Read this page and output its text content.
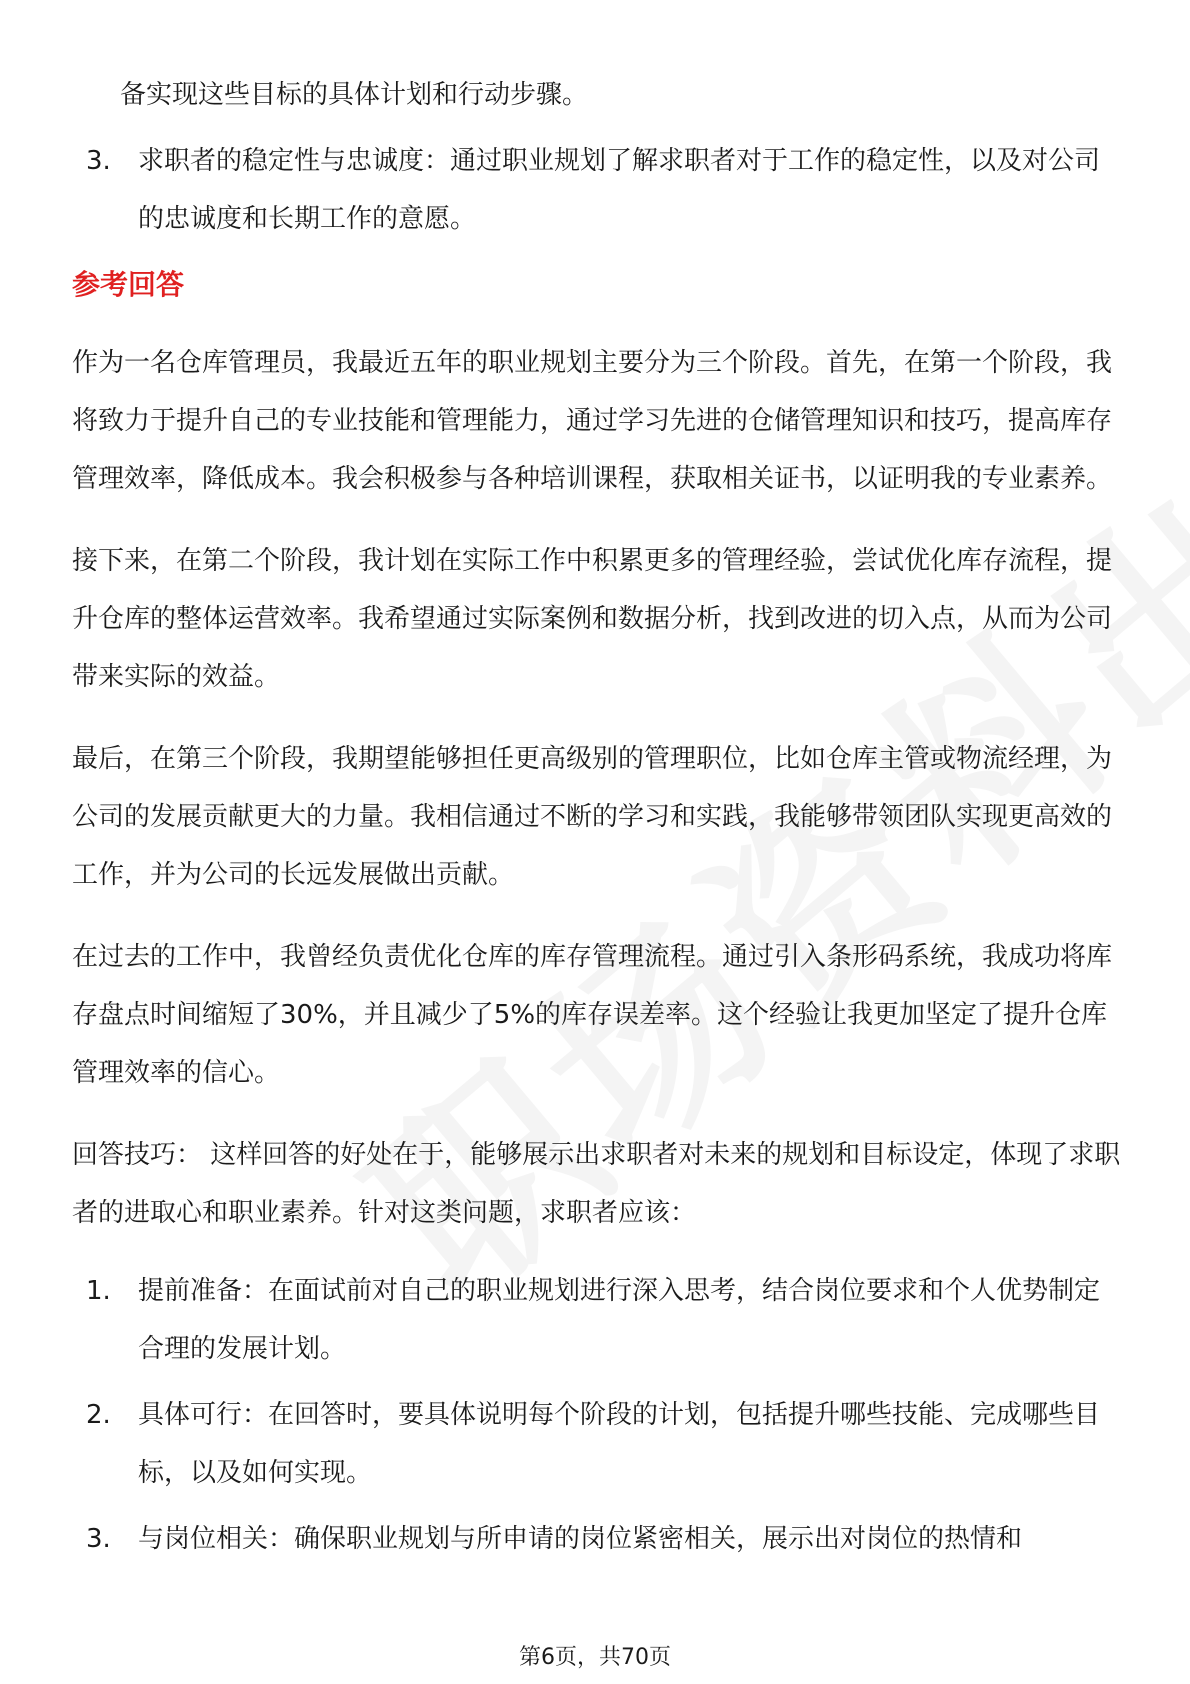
备实现这些目标的具体计划和行动步骤。

3.	求职者的稳定性与忠诚度：通过职业规划了解求职者对于工作的稳定性，以及对公司的忠诚度和长期工作的意愿。

参考回答

作为一名仓库管理员，我最近五年的职业规划主要分为三个阶段。首先，在第一个阶段，我将致力于提升自己的专业技能和管理能力，通过学习先进的仓储管理知识和技巧，提高库存管理效率，降低成本。我会积极参与各种培训课程，获取相关证书，以证明我的专业素养。

接下来，在第二个阶段，我计划在实际工作中积累更多的管理经验，尝试优化库存流程，提升仓库的整体运营效率。我希望通过实际案例和数据分析，找到改进的切入点，从而为公司带来实际的效益。

最后，在第三个阶段，我期望能够担任更高级别的管理职位，比如仓库主管或物流经理，为公司的发展贡献更大的力量。我相信通过不断的学习和实践，我能够带领团队实现更高效的工作，并为公司的长远发展做出贡献。

在过去的工作中，我曾经负责优化仓库的库存管理流程。通过引入条形码系统，我成功将库存盘点时间缩短了30%，并且减少了5%的库存误差率。这个经验让我更加坚定了提升仓库管理效率的信心。

回答技巧： 这样回答的好处在于，能够展示出求职者对未来的规划和目标设定，体现了求职者的进取心和职业素养。针对这类问题，求职者应该：

1.	提前准备：在面试前对自己的职业规划进行深入思考，结合岗位要求和个人优势制定合理的发展计划。
2.	具体可行：在回答时，要具体说明每个阶段的计划，包括提升哪些技能、完成哪些目标，以及如何实现。
3.	与岗位相关：确保职业规划与所申请的岗位紧密相关，展示出对岗位的热情和
第6页，共70页
